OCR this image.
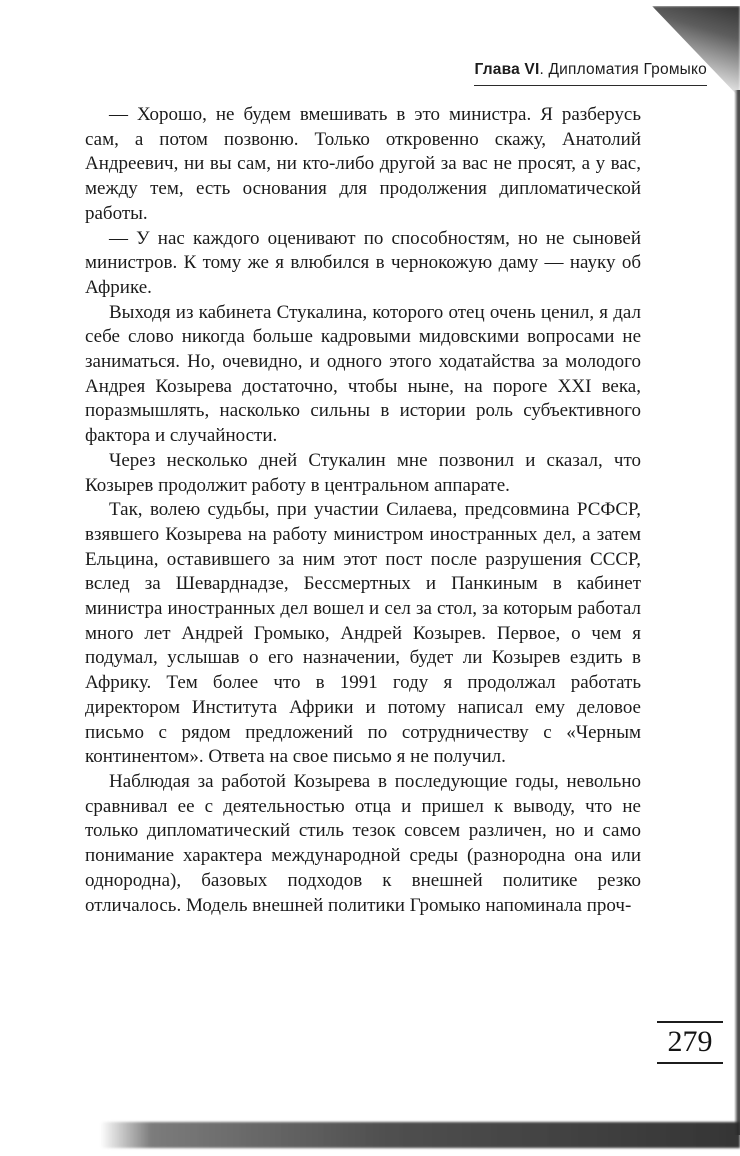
Глава VI. Дипломатия Громыко

— Хорошо, не будем вмешивать в это министра. Я разберусь сам, а потом позвоню. Только откровенно скажу, Анатолий Андреевич, ни вы сам, ни кто-либо другой за вас не просят, а у вас, между тем, есть основания для продолжения дипломатической работы.

— У нас каждого оценивают по способностям, но не сыновей министров. К тому же я влюбился в чернокожую даму — науку об Африке.

Выходя из кабинета Стукалина, которого отец очень ценил, я дал себе слово никогда больше кадровыми мидовскими вопросами не заниматься. Но, очевидно, и одного этого ходатайства за молодого Андрея Козырева достаточно, чтобы ныне, на пороге XXI века, поразмышлять, насколько сильны в истории роль субъективного фактора и случайности.

Через несколько дней Стукалин мне позвонил и сказал, что Козырев продолжит работу в центральном аппарате.

Так, волею судьбы, при участии Силаева, предсовмина РСФСР, взявшего Козырева на работу министром иностранных дел, а затем Ельцина, оставившего за ним этот пост после разрушения СССР, вслед за Шеварднадзе, Бессмертных и Панкиным в кабинет министра иностранных дел вошел и сел за стол, за которым работал много лет Андрей Громыко, Андрей Козырев. Первое, о чем я подумал, услышав о его назначении, будет ли Козырев ездить в Африку. Тем более что в 1991 году я продолжал работать директором Института Африки и потому написал ему деловое письмо с рядом предложений по сотрудничеству с «Черным континентом». Ответа на свое письмо я не получил.

Наблюдая за работой Козырева в последующие годы, невольно сравнивал ее с деятельностью отца и пришел к выводу, что не только дипломатический стиль тезок совсем различен, но и само понимание характера международной среды (разнородна она или однородна), базовых подходов к внешней политике резко отличалось. Модель внешней политики Громыко напоминала проч-

279
